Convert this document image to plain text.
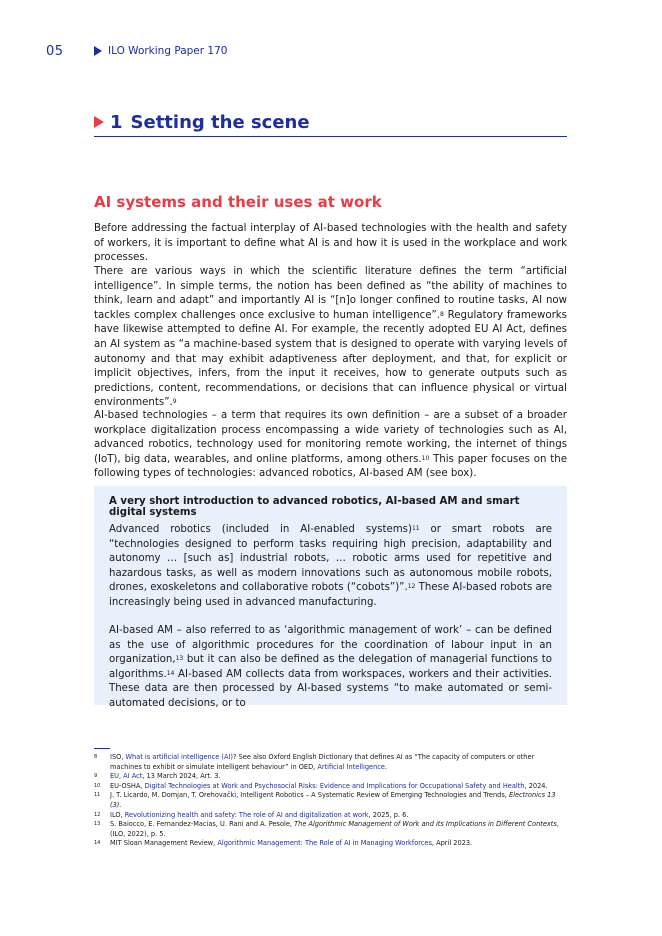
05	ILO Working Paper 170
1 Setting the scene
AI systems and their uses at work
Before addressing the factual interplay of AI-based technologies with the health and safety of workers, it is important to define what AI is and how it is used in the workplace and work processes.
There are various ways in which the scientific literature defines the term “artificial intelligence”. In simple terms, the notion has been defined as “the ability of machines to think, learn and adapt” and importantly AI is “[n]o longer confined to routine tasks, AI now tackles complex challenges once exclusive to human intelligence”.$^8$ Regulatory frameworks have likewise attempted to define AI. For example, the recently adopted EU AI Act, defines an AI system as “a machine-based system that is designed to operate with varying levels of autonomy and that may exhibit adaptiveness after deployment, and that, for explicit or implicit objectives, infers, from the input it receives, how to generate outputs such as predictions, content, recommendations, or decisions that can influence physical or virtual environments”.$^9$
AI-based technologies – a term that requires its own definition – are a subset of a broader workplace digitalization process encompassing a wide variety of technologies such as AI, advanced robotics, technology used for monitoring remote working, the internet of things (IoT), big data, wearables, and online platforms, among others.$^{10}$ This paper focuses on the following types of technologies: advanced robotics, AI-based AM (see box).
A very short introduction to advanced robotics, AI-based AM and smart digital systems
Advanced robotics (included in AI-enabled systems)$^{11}$ or smart robots are “technologies designed to perform tasks requiring high precision, adaptability and autonomy … [such as] industrial robots, … robotic arms used for repetitive and hazardous tasks, as well as modern innovations such as autonomous mobile robots, drones, exoskeletons and collaborative robots (“cobots”)”.$^{12}$ These AI-based robots are increasingly being used in advanced manufacturing.
AI-based AM – also referred to as ‘algorithmic management of work’ – can be defined as the use of algorithmic procedures for the coordination of labour input in an organization,$^{13}$ but it can also be defined as the delegation of managerial functions to algorithms.$^{14}$ AI-based AM collects data from workspaces, workers and their activities. These data are then processed by AI-based systems “to make automated or semi-automated decisions, or to
8	ISO, What is artificial intelligence (AI)? See also Oxford English Dictionary that defines AI as “The capacity of computers or other machines to exhibit or simulate intelligent behaviour” in OED, Artificial Intelligence.
9	EU, AI Act, 13 March 2024, Art. 3.
10	EU-OSHA, Digital Technologies at Work and Psychosocial Risks: Evidence and Implications for Occupational Safety and Health, 2024.
11	J. T. Licardo, M. Domjan, T. Orehovački, Intelligent Robotics – A Systematic Review of Emerging Technologies and Trends, Electronics 13 (3).
12	ILO, Revolutionizing health and safety: The role of AI and digitalization at work, 2025, p. 6.
13	S. Baiocco, E. Fernandez-Macias, U. Rani and A. Pesole, The Algorithmic Management of Work and its Implications in Different Contexts, (ILO, 2022), p. 5.
14	MIT Sloan Management Review, Algorithmic Management: The Role of AI in Managing Workforces, April 2023.
